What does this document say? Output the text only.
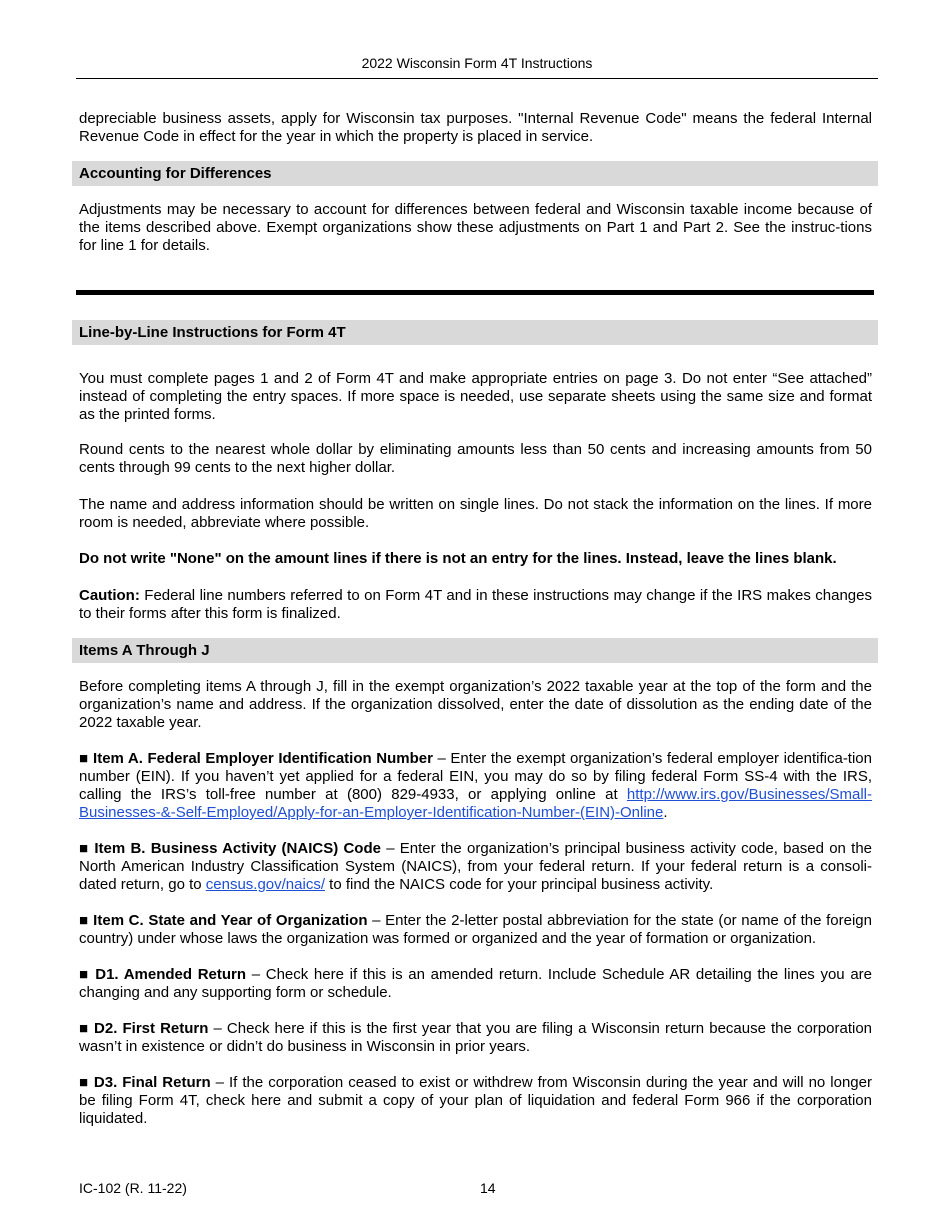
2022 Wisconsin Form 4T Instructions

depreciable business assets, apply for Wisconsin tax purposes. "Internal Revenue Code" means the federal Internal Revenue Code in effect for the year in which the property is placed in service.

Accounting for Differences

Adjustments may be necessary to account for differences between federal and Wisconsin taxable income because of the items described above. Exempt organizations show these adjustments on Part 1 and Part 2. See the instruc-tions for line 1 for details.

Line-by-Line Instructions for Form 4T

You must complete pages 1 and 2 of Form 4T and make appropriate entries on page 3. Do not enter “See attached” instead of completing the entry spaces. If more space is needed, use separate sheets using the same size and format as the printed forms.

Round cents to the nearest whole dollar by eliminating amounts less than 50 cents and increasing amounts from 50 cents through 99 cents to the next higher dollar.

The name and address information should be written on single lines. Do not stack the information on the lines. If more room is needed, abbreviate where possible.

Do not write "None" on the amount lines if there is not an entry for the lines. Instead, leave the lines blank.

Caution: Federal line numbers referred to on Form 4T and in these instructions may change if the IRS makes changes to their forms after this form is finalized.

Items A Through J

Before completing items A through J, fill in the exempt organization’s 2022 taxable year at the top of the form and the organization’s name and address. If the organization dissolved, enter the date of dissolution as the ending date of the 2022 taxable year.

■ Item A. Federal Employer Identification Number – Enter the exempt organization’s federal employer identifica-tion number (EIN). If you haven’t yet applied for a federal EIN, you may do so by filing federal Form SS-4 with the IRS, calling the IRS’s toll-free number at (800) 829-4933, or applying online at http://www.irs.gov/Businesses/Small-Businesses-&-Self-Employed/Apply-for-an-Employer-Identification-Number-(EIN)-Online.

■ Item B. Business Activity (NAICS) Code – Enter the organization’s principal business activity code, based on the North American Industry Classification System (NAICS), from your federal return. If your federal return is a consoli-dated return, go to census.gov/naics/ to find the NAICS code for your principal business activity.

■ Item C. State and Year of Organization – Enter the 2-letter postal abbreviation for the state (or name of the foreign country) under whose laws the organization was formed or organized and the year of formation or organization.

■ D1. Amended Return – Check here if this is an amended return. Include Schedule AR detailing the lines you are changing and any supporting form or schedule.

■ D2. First Return – Check here if this is the first year that you are filing a Wisconsin return because the corporation wasn’t in existence or didn’t do business in Wisconsin in prior years.

■ D3. Final Return – If the corporation ceased to exist or withdrew from Wisconsin during the year and will no longer be filing Form 4T, check here and submit a copy of your plan of liquidation and federal Form 966 if the corporation liquidated.

IC-102 (R. 11-22)	14
